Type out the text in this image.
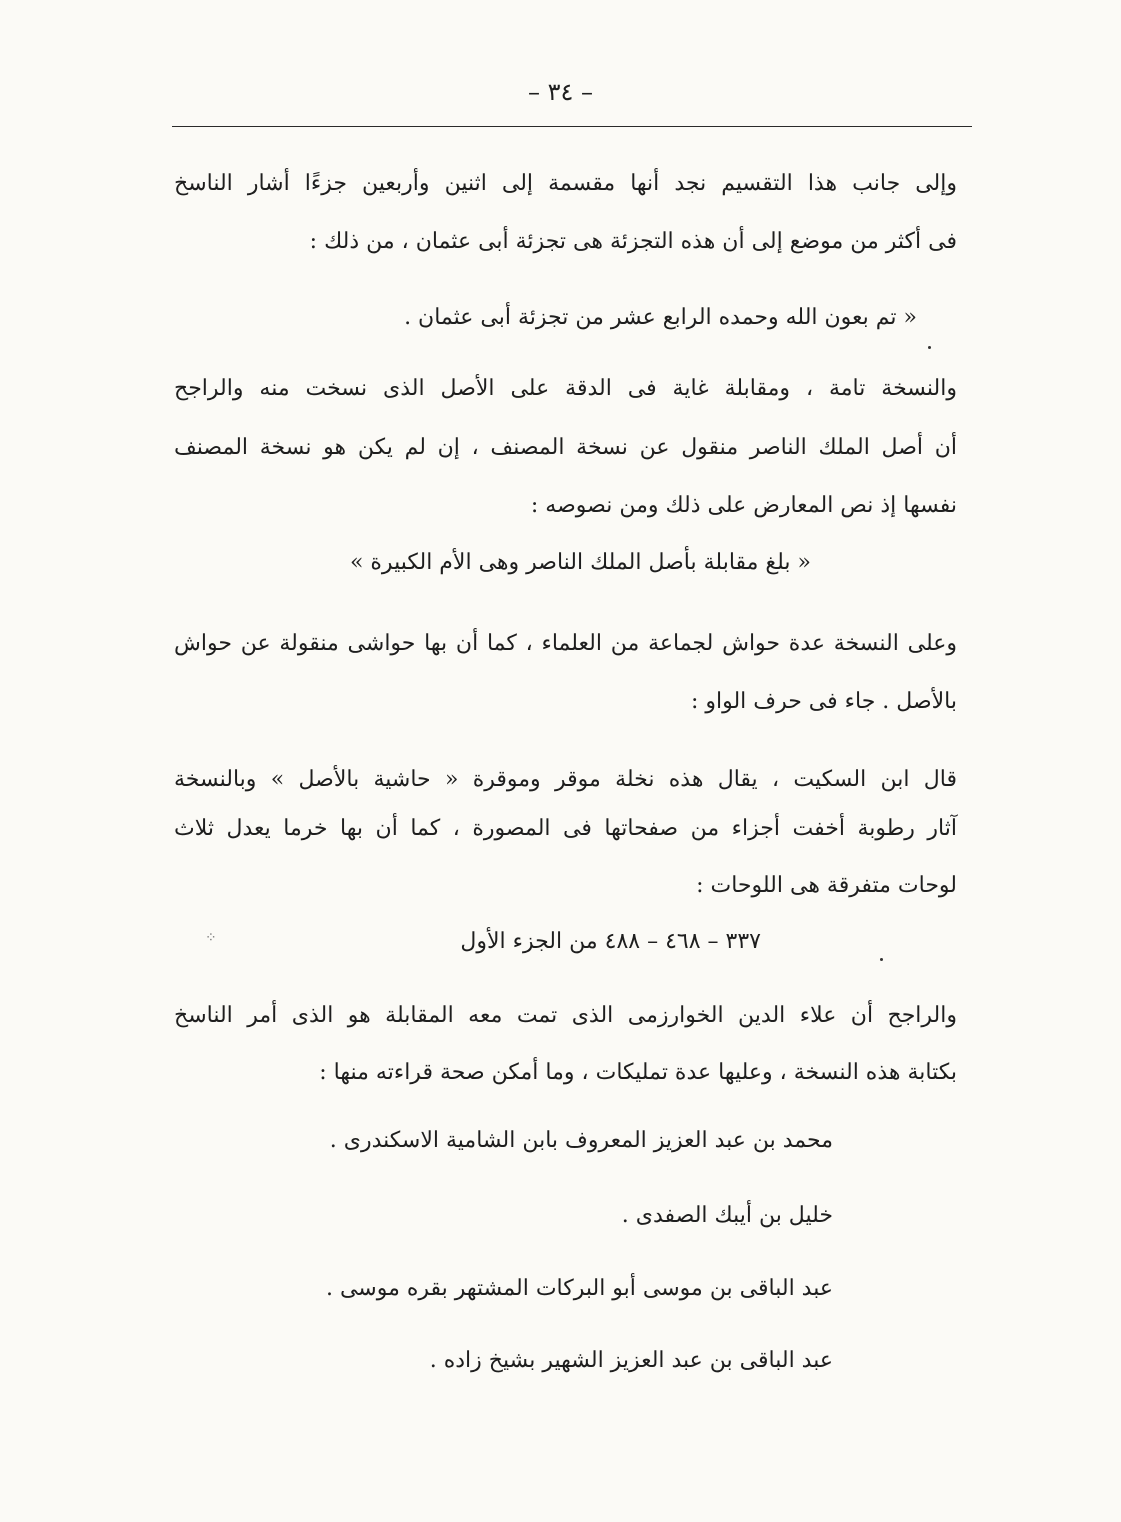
– ٣٤ –
وإلى جانب هذا التقسيم نجد أنها مقسمة إلى اثنين وأربعين جزءًا أشار الناسخ
فى أكثر من موضع إلى أن هذه التجزئة هى تجزئة أبى عثمان ، من ذلك :
« تم بعون الله وحمده الرابع عشر من تجزئة أبى عثمان .
والنسخة تامة ، ومقابلة غاية فى الدقة على الأصل الذى نسخت منه والراجح
أن أصل الملك الناصر منقول عن نسخة المصنف ، إن لم يكن هو نسخة المصنف
نفسها إذ نص المعارض على ذلك ومن نصوصه :
« بلغ مقابلة بأصل الملك الناصر وهى الأم الكبيرة »
وعلى النسخة عدة حواش لجماعة من العلماء ، كما أن بها حواشى منقولة عن حواش
بالأصل . جاء فى حرف الواو :
قال ابن السكيت ، يقال هذه نخلة موقر وموقرة « حاشية بالأصل » وبالنسخة
آثار رطوبة أخفت أجزاء من صفحاتها فى المصورة ، كما أن بها خرما يعدل ثلاث
لوحات متفرقة هى اللوحات :
٣٣٧ – ٤٦٨ – ٤٨٨ من الجزء الأول
والراجح أن علاء الدين الخوارزمى الذى تمت معه المقابلة هو الذى أمر الناسخ
بكتابة هذه النسخة ، وعليها عدة تمليكات ، وما أمكن صحة قراءته منها :
محمد بن عبد العزيز المعروف بابن الشامية الاسكندرى .
خليل بن أيبك الصفدى .
عبد الباقى بن موسى أبو البركات المشتهر بقره موسى .
عبد الباقى بن عبد العزيز الشهير بشيخ زاده .
⁘
